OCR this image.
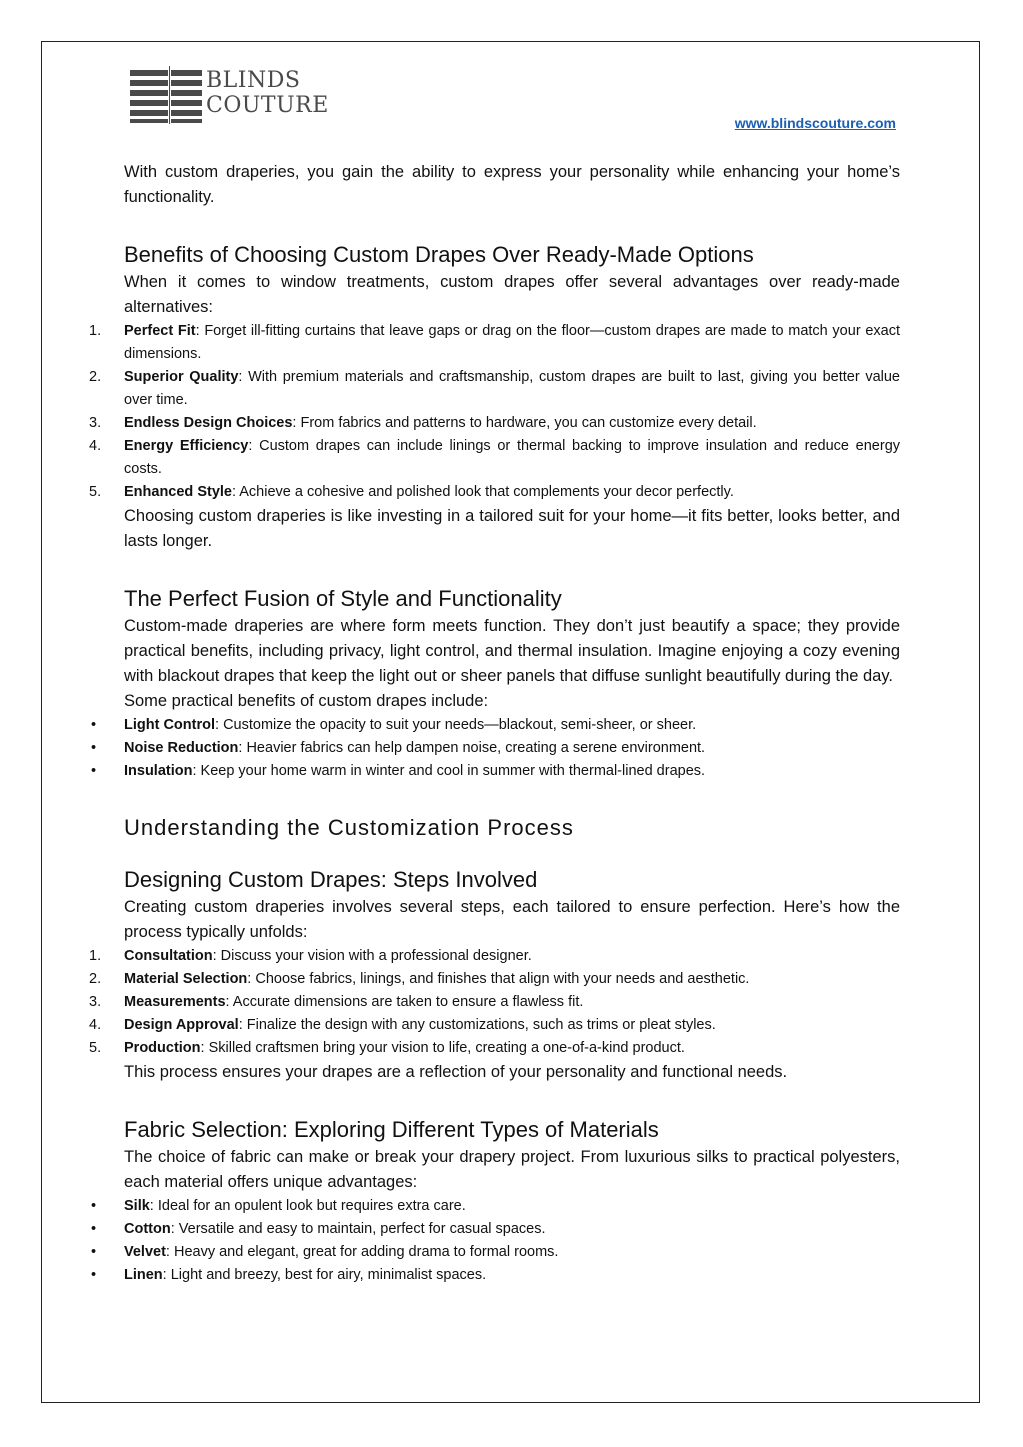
BLINDS
COUTURE
www.blindscouture.com

With custom draperies, you gain the ability to express your personality while enhancing your home’s functionality.

Benefits of Choosing Custom Drapes Over Ready-Made Options

When it comes to window treatments, custom drapes offer several advantages over ready-made alternatives:

1.	Perfect Fit: Forget ill-fitting curtains that leave gaps or drag on the floor—custom drapes are made to match your exact dimensions.
2.	Superior Quality: With premium materials and craftsmanship, custom drapes are built to last, giving you better value over time.
3.	Endless Design Choices: From fabrics and patterns to hardware, you can customize every detail.
4.	Energy Efficiency: Custom drapes can include linings or thermal backing to improve insulation and reduce energy costs.
5.	Enhanced Style: Achieve a cohesive and polished look that complements your decor perfectly.

Choosing custom draperies is like investing in a tailored suit for your home—it fits better, looks better, and lasts longer.

The Perfect Fusion of Style and Functionality

Custom-made draperies are where form meets function. They don’t just beautify a space; they provide practical benefits, including privacy, light control, and thermal insulation. Imagine enjoying a cozy evening with blackout drapes that keep the light out or sheer panels that diffuse sunlight beautifully during the day.

Some practical benefits of custom drapes include:

• Light Control: Customize the opacity to suit your needs—blackout, semi-sheer, or sheer.
• Noise Reduction: Heavier fabrics can help dampen noise, creating a serene environment.
• Insulation: Keep your home warm in winter and cool in summer with thermal-lined drapes.
Understanding the Customization Process
Designing Custom Drapes: Steps Involved

Creating custom draperies involves several steps, each tailored to ensure perfection. Here’s how the process typically unfolds:

1.	Consultation: Discuss your vision with a professional designer.
2.	Material Selection: Choose fabrics, linings, and finishes that align with your needs and aesthetic.
3.	Measurements: Accurate dimensions are taken to ensure a flawless fit.
4.	Design Approval: Finalize the design with any customizations, such as trims or pleat styles.
5.	Production: Skilled craftsmen bring your vision to life, creating a one-of-a-kind product.

This process ensures your drapes are a reflection of your personality and functional needs.

Fabric Selection: Exploring Different Types of Materials

The choice of fabric can make or break your drapery project. From luxurious silks to practical polyesters, each material offers unique advantages:

• Silk: Ideal for an opulent look but requires extra care.
• Cotton: Versatile and easy to maintain, perfect for casual spaces.
• Velvet: Heavy and elegant, great for adding drama to formal rooms.
• Linen: Light and breezy, best for airy, minimalist spaces.
